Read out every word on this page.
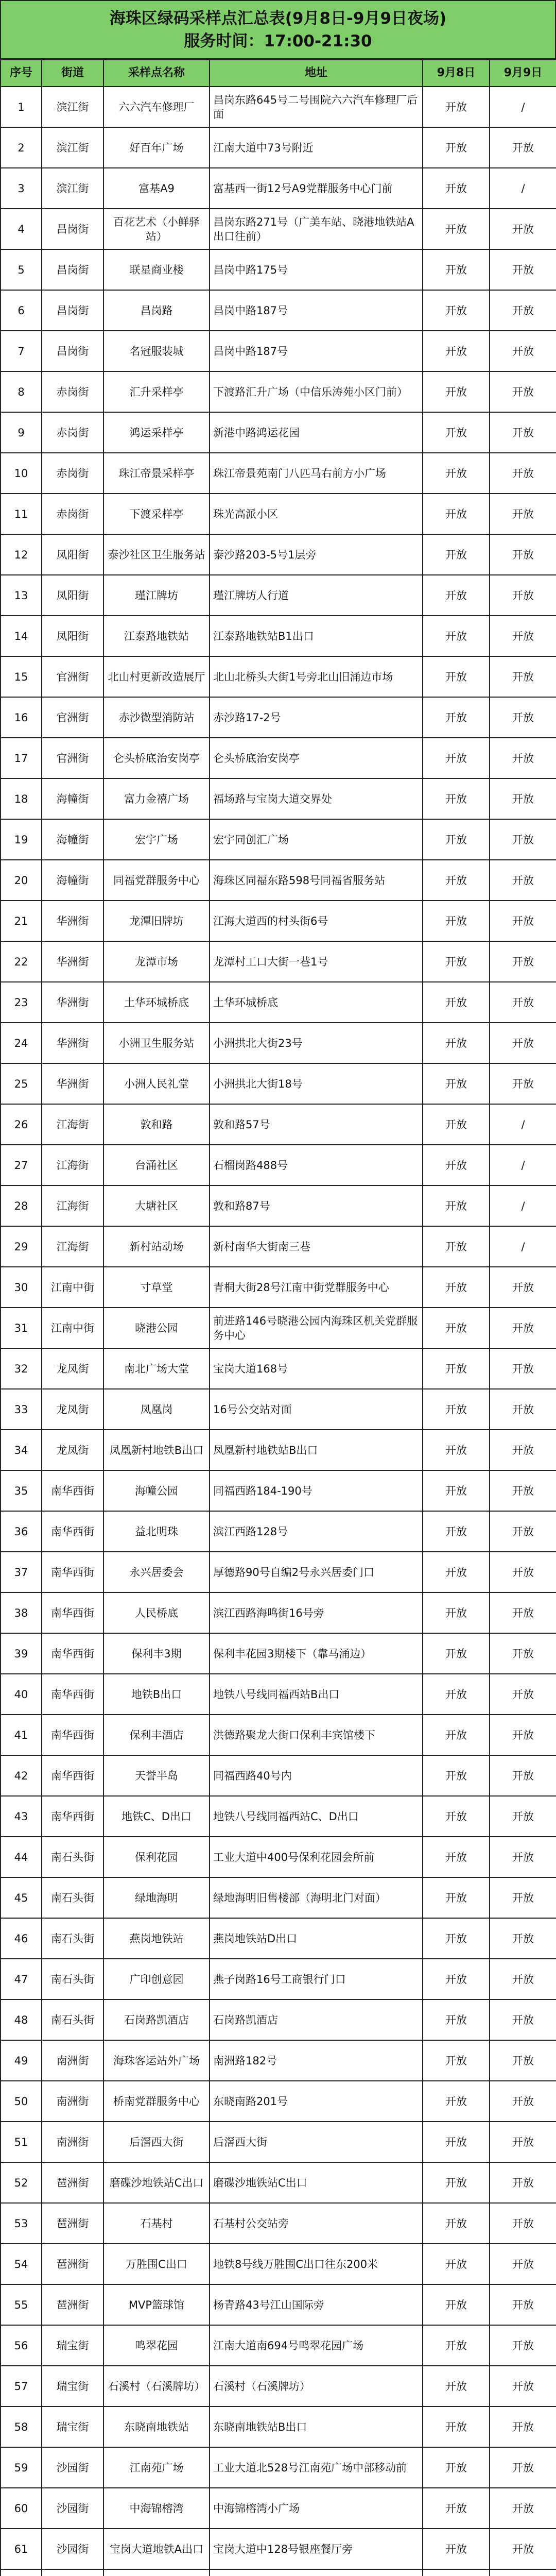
海珠区绿码采样点汇总表(9月8日-9月9日夜场)
服务时间：17:00-21:30
序号	街道	采样点名称	地址	9月8日	9月9日
1	滨江街	六六汽车修理厂	昌岗东路645号二号围院六六汽车修理厂后面	开放	/
2	滨江街	好百年广场	江南大道中73号附近	开放	开放
3	滨江街	富基A9	富基西一街12号A9党群服务中心门前	开放	/
4	昌岗街	百花艺术（小鲜驿站）	昌岗东路271号（广美车站、晓港地铁站A出口往前）	开放	开放
5	昌岗街	联星商业楼	昌岗中路175号	开放	开放
6	昌岗街	昌岗路	昌岗中路187号	开放	开放
7	昌岗街	名冠服装城	昌岗中路187号	开放	开放
8	赤岗街	汇升采样亭	下渡路汇升广场（中信乐涛苑小区门前）	开放	开放
9	赤岗街	鸿运采样亭	新港中路鸿运花园	开放	开放
10	赤岗街	珠江帝景采样亭	珠江帝景苑南门八匹马右前方小广场	开放	开放
11	赤岗街	下渡采样亭	珠光高派小区	开放	开放
12	凤阳街	泰沙社区卫生服务站	泰沙路203-5号1层旁	开放	开放
13	凤阳街	瑾江牌坊	瑾江牌坊人行道	开放	开放
14	凤阳街	江泰路地铁站	江泰路地铁站B1出口	开放	开放
15	官洲街	北山村更新改造展厅	北山北桥头大街1号旁北山旧涌边市场	开放	开放
16	官洲街	赤沙微型消防站	赤沙路17-2号	开放	开放
17	官洲街	仑头桥底治安岗亭	仑头桥底治安岗亭	开放	开放
18	海幢街	富力金禧广场	福场路与宝岗大道交界处	开放	开放
19	海幢街	宏宇广场	宏宇同创汇广场	开放	开放
20	海幢街	同福党群服务中心	海珠区同福东路598号同福省服务站	开放	开放
21	华洲街	龙潭旧牌坊	江海大道西的村头街6号	开放	开放
22	华洲街	龙潭市场	龙潭村工口大街一巷1号	开放	开放
23	华洲街	土华环城桥底	土华环城桥底	开放	开放
24	华洲街	小洲卫生服务站	小洲拱北大街23号	开放	开放
25	华洲街	小洲人民礼堂	小洲拱北大街18号	开放	开放
26	江海街	敦和路	敦和路57号	开放	/
27	江海街	台涌社区	石榴岗路488号	开放	/
28	江海街	大塘社区	敦和路87号	开放	/
29	江海街	新村站动场	新村南华大街南三巷	开放	/
30	江南中街	寸草堂	青桐大街28号江南中街党群服务中心	开放	开放
31	江南中街	晓港公园	前进路146号晓港公园内海珠区机关党群服务中心	开放	开放
32	龙凤街	南北广场大堂	宝岗大道168号	开放	开放
33	龙凤街	凤凰岗	16号公交站对面	开放	开放
34	龙凤街	凤凰新村地铁B出口	凤凰新村地铁站B出口	开放	开放
35	南华西街	海幢公园	同福西路184-190号	开放	开放
36	南华西街	益北明珠	滨江西路128号	开放	开放
37	南华西街	永兴居委会	厚德路90号自编2号永兴居委门口	开放	开放
38	南华西街	人民桥底	滨江西路海鸣街16号旁	开放	开放
39	南华西街	保利丰3期	保利丰花园3期楼下（靠马涌边）	开放	开放
40	南华西街	地铁B出口	地铁八号线同福西站B出口	开放	开放
41	南华西街	保利丰酒店	洪德路聚龙大街口保利丰宾馆楼下	开放	开放
42	南华西街	天誉半岛	同福西路40号内	开放	开放
43	南华西街	地铁C、D出口	地铁八号线同福西站C、D出口	开放	开放
44	南石头街	保利花园	工业大道中400号保利花园会所前	开放	开放
45	南石头街	绿地海明	绿地海明旧售楼部（海明北门对面）	开放	开放
46	南石头街	燕岗地铁站	燕岗地铁站D出口	开放	开放
47	南石头街	广印创意园	燕子岗路16号工商银行门口	开放	开放
48	南石头街	石岗路凯酒店	石岗路凯酒店	开放	开放
49	南洲街	海珠客运站外广场	南洲路182号	开放	开放
50	南洲街	桥南党群服务中心	东晓南路201号	开放	开放
51	南洲街	后滘西大街	后滘西大街	开放	开放
52	琶洲街	磨碟沙地铁站C出口	磨碟沙地铁站C出口	开放	开放
53	琶洲街	石基村	石基村公交站旁	开放	开放
54	琶洲街	万胜围C出口	地铁8号线万胜围C出口往东200米	开放	开放
55	琶洲街	MVP篮球馆	杨青路43号江山国际旁	开放	开放
56	瑞宝街	鸣翠花园	江南大道南694号鸣翠花园广场	开放	开放
57	瑞宝街	石溪村（石溪牌坊）	石溪村（石溪牌坊）	开放	开放
58	瑞宝街	东晓南地铁站	东晓南地铁站B出口	开放	开放
59	沙园街	江南苑广场	工业大道北528号江南苑广场中部移动前	开放	开放
60	沙园街	中海锦榕湾	中海锦榕湾小广场	开放	开放
61	沙园街	宝岗大道地铁A出口	宝岗大道中128号银座餐厅旁	开放	开放
